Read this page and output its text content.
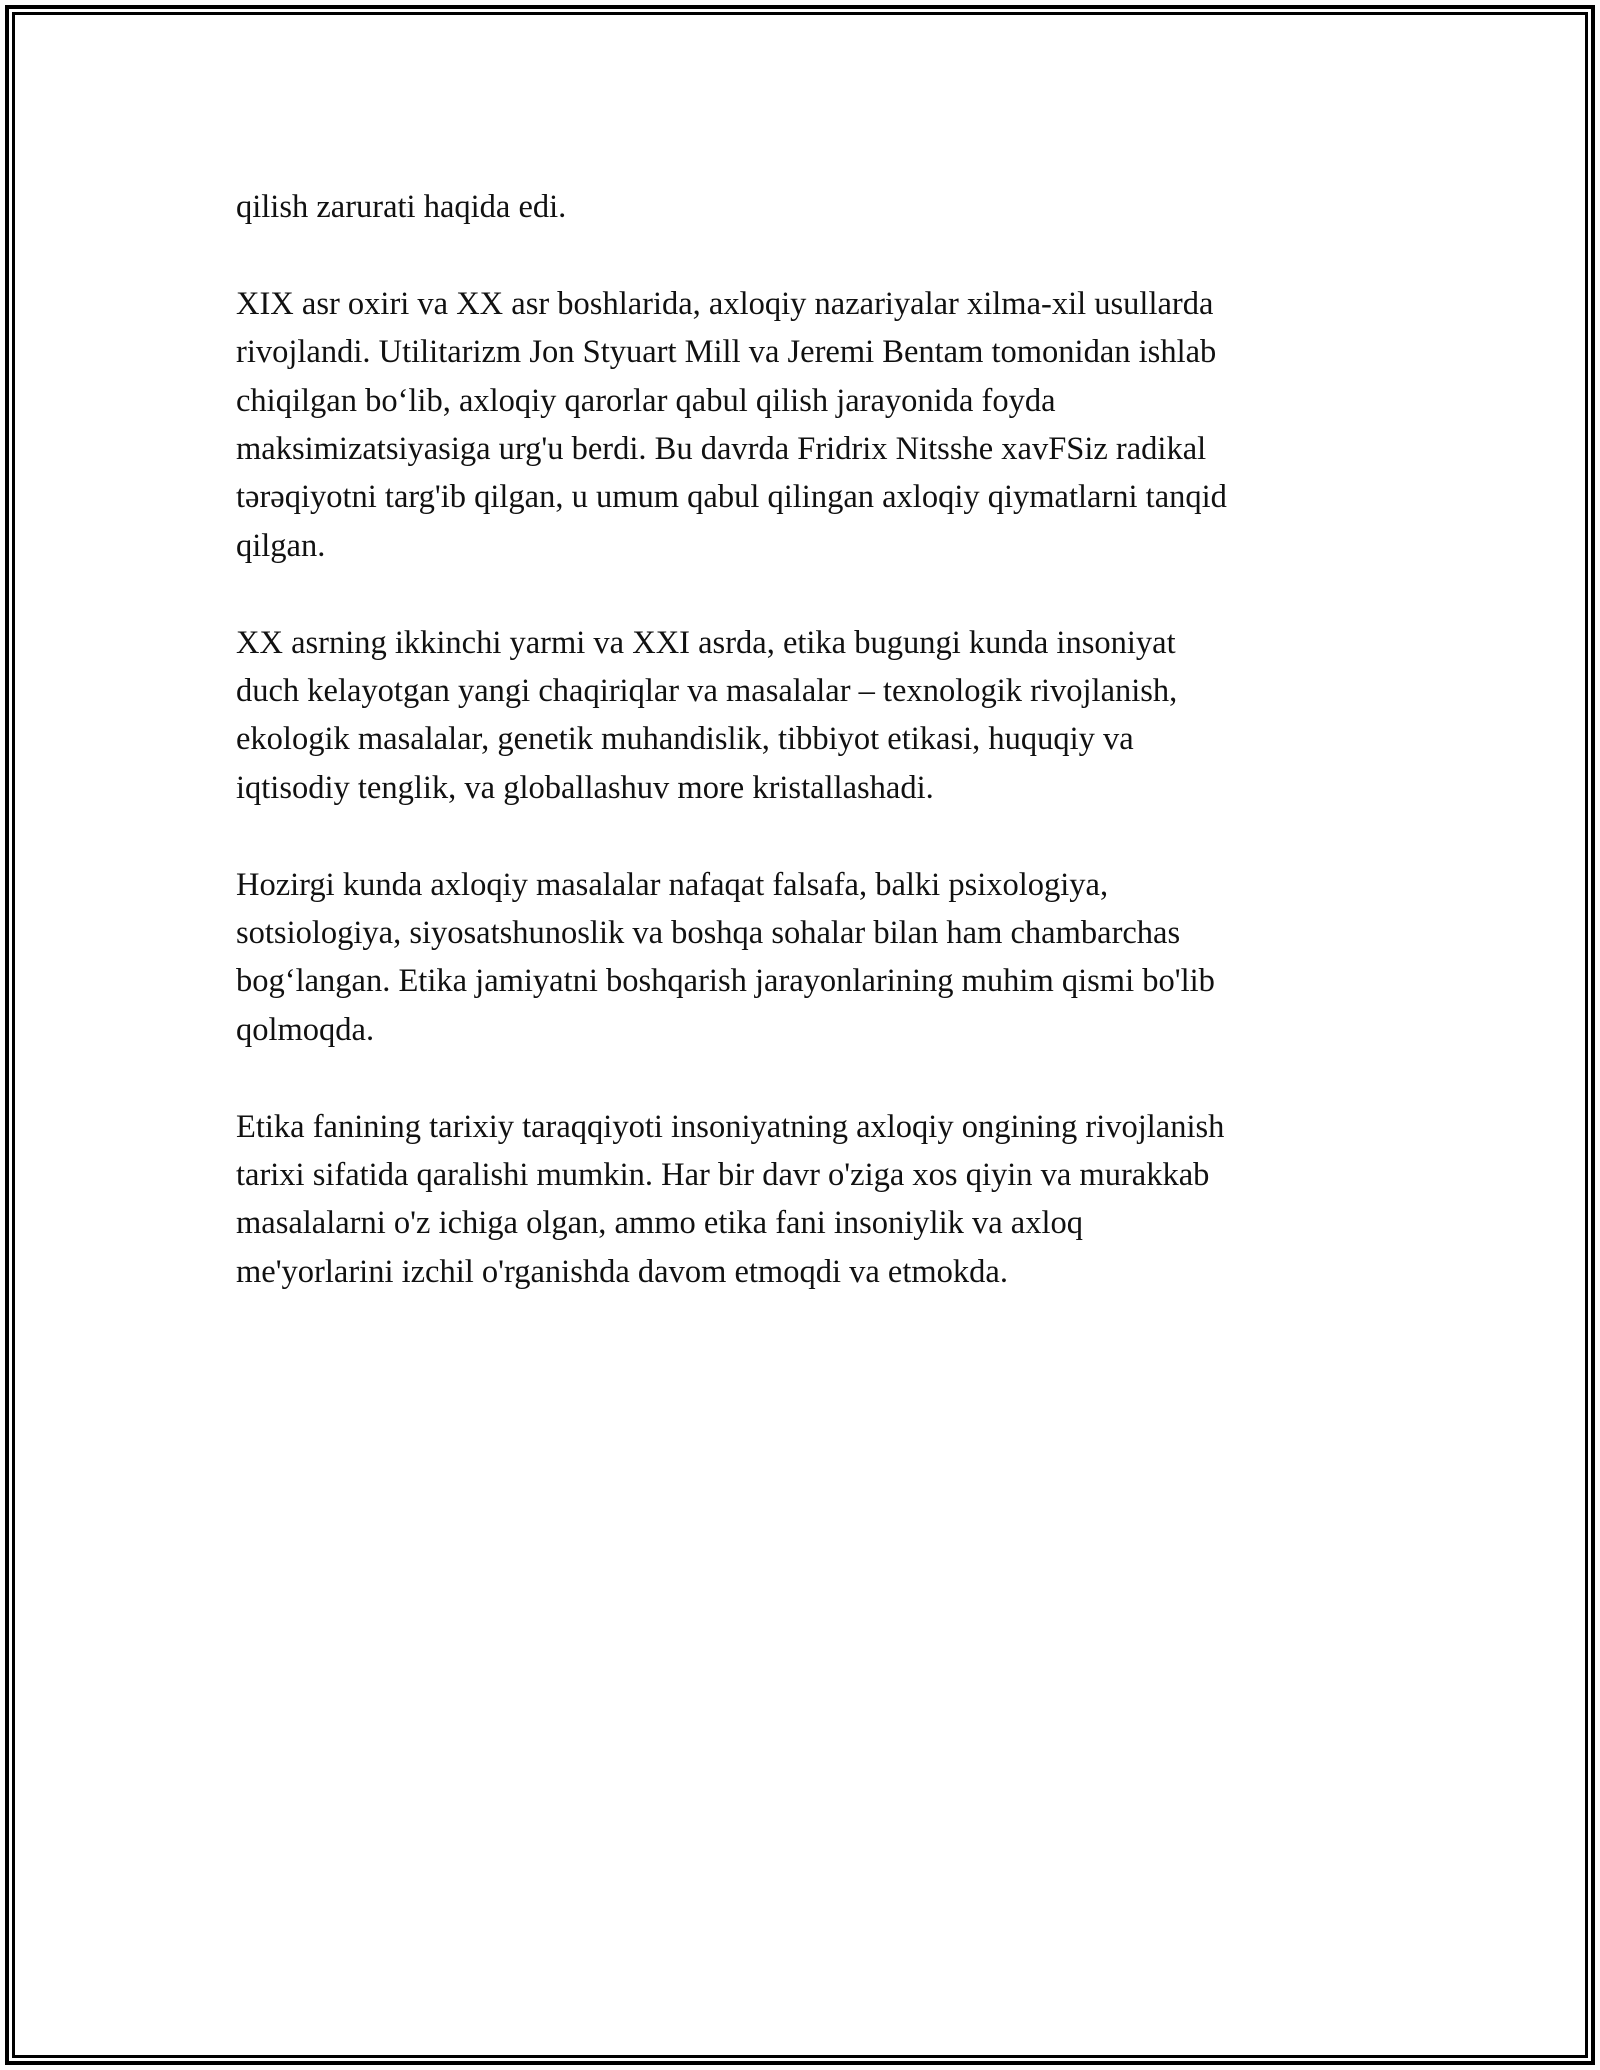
qilish zarurati haqida edi.

XIX asr oxiri va XX asr boshlarida, axloqiy nazariyalar xilma-xil usullarda
rivojlandi. Utilitarizm Jon Styuart Mill va Jeremi Bentam tomonidan ishlab
chiqilgan bo‘lib, axloqiy qarorlar qabul qilish jarayonida foyda
maksimizatsiyasiga urg'u berdi. Bu davrda Fridrix Nitsshe xavFSiz radikal
tərəqiyotni targ'ib qilgan, u umum qabul qilingan axloqiy qiymatlarni tanqid
qilgan.

XX asrning ikkinchi yarmi va XXI asrda, etika bugungi kunda insoniyat
duch kelayotgan yangi chaqiriqlar va masalalar – texnologik rivojlanish,
ekologik masalalar, genetik muhandislik, tibbiyot etikasi, huquqiy va
iqtisodiy tenglik, va globallashuv more kristallashadi.

Hozirgi kunda axloqiy masalalar nafaqat falsafa, balki psixologiya,
sotsiologiya, siyosatshunoslik va boshqa sohalar bilan ham chambarchas
bog‘langan. Etika jamiyatni boshqarish jarayonlarining muhim qismi bo'lib
qolmoqda.

Etika fanining tarixiy taraqqiyoti insoniyatning axloqiy ongining rivojlanish
tarixi sifatida qaralishi mumkin. Har bir davr o'ziga xos qiyin va murakkab
masalalarni o'z ichiga olgan, ammo etika fani insoniylik va axloq
me'yorlarini izchil o'rganishda davom etmoqdi va etmokda.
